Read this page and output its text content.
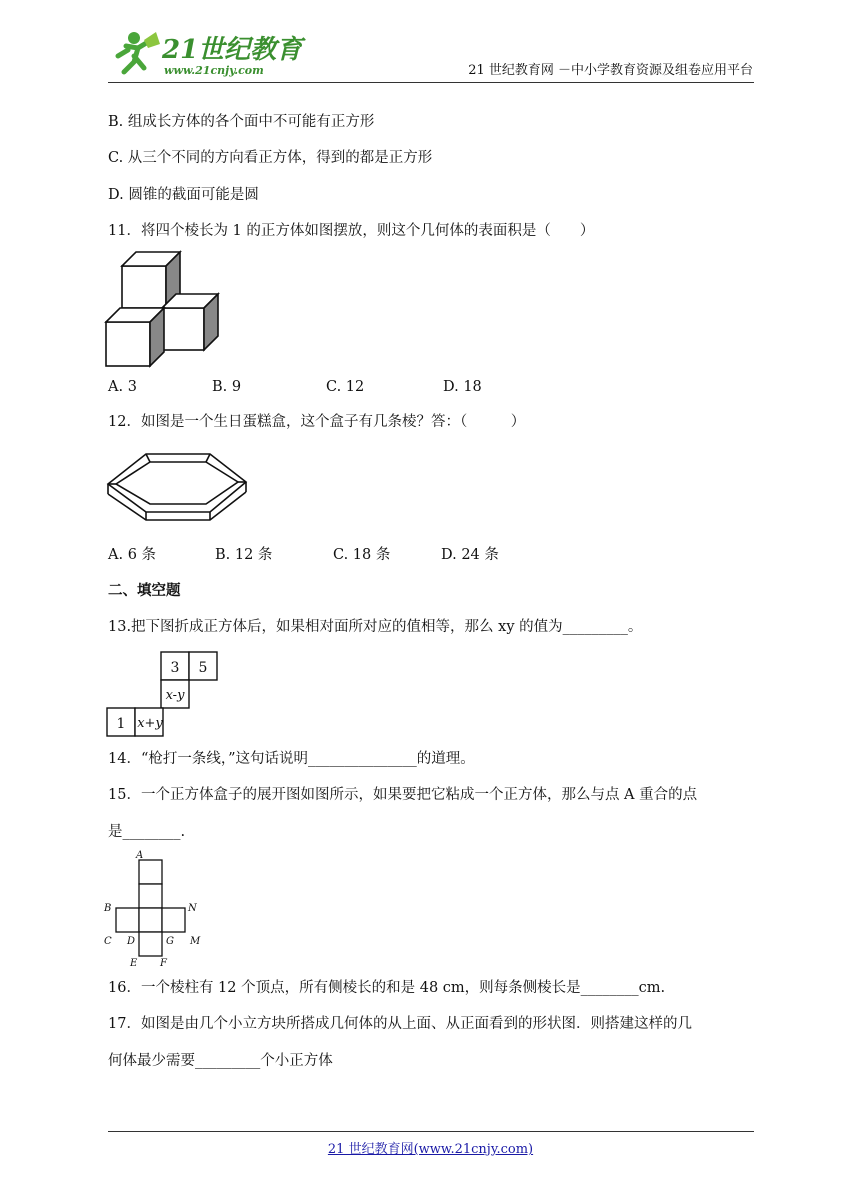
21世纪教育
www.21cnjy.com	21 世纪教育网 －中小学教育资源及组卷应用平台
B. 组成长方体的各个面中不可能有正方形
C. 从三个不同的方向看正方体，得到的都是正方形
D. 圆锥的截面可能是圆
11．将四个棱长为 1 的正方体如图摆放，则这个几何体的表面积是（　　）
A. 3	B. 9	C. 12	D. 18
12．如图是一个生日蛋糕盒，这个盒子有几条棱？答：（　　　）
A. 6 条	B. 12 条	C. 18 条	D. 24 条
二、填空题
13.把下图折成正方体后，如果相对面所对应的值相等，那么 xy 的值为_________。
3 5
x-y
1 x+y
14．“枪打一条线，”这句话说明_______________的道理。
15．一个正方体盒子的展开图如图所示，如果要把它粘成一个正方体，那么与点 A 重合的点
是________.
A
B	N
C D	G M
E F
16．一个棱柱有 12 个顶点，所有侧棱长的和是 48 cm，则每条侧棱长是________cm.
17．如图是由几个小立方块所搭成几何体的从上面、从正面看到的形状图．则搭建这样的几
何体最少需要_________个小正方体
21 世纪教育网(www.21cnjy.com)
